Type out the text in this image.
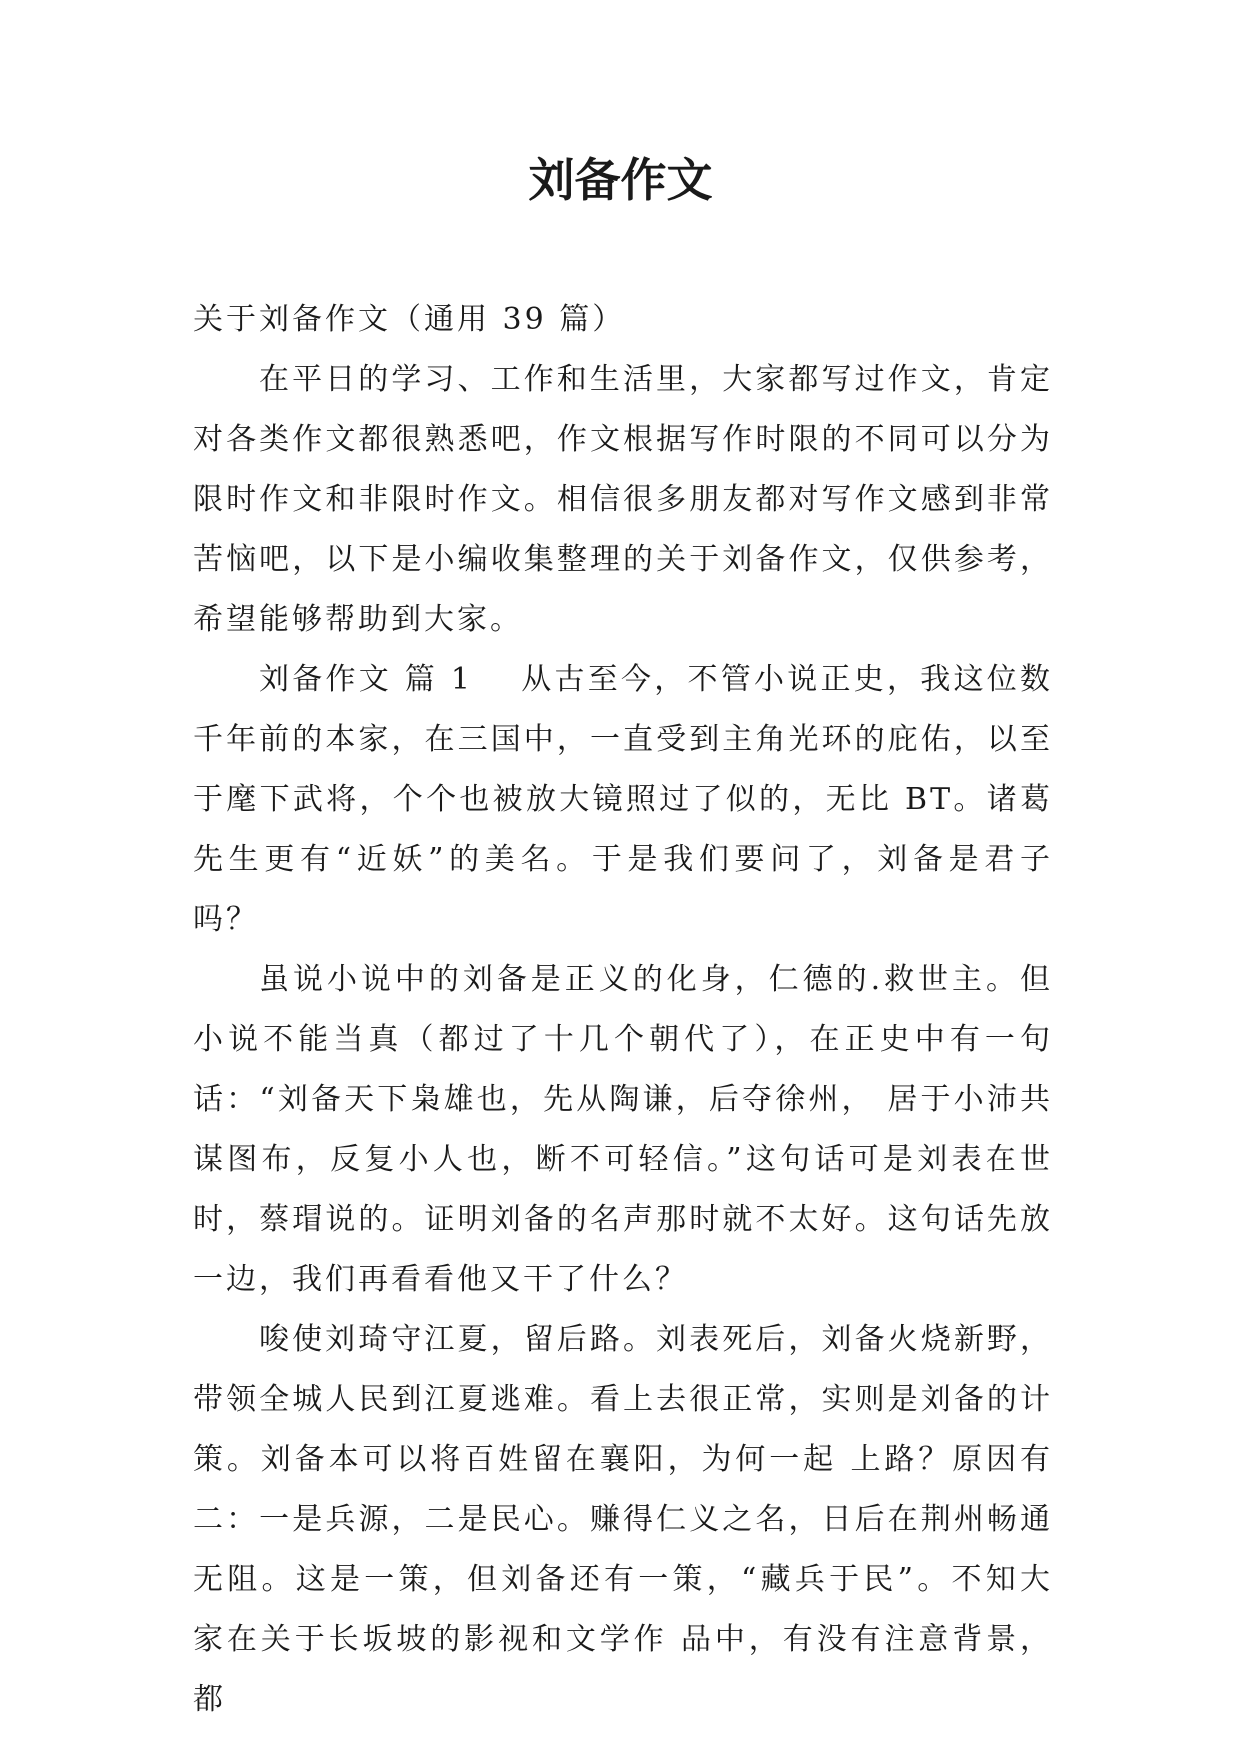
刘备作文

关于刘备作文（通用 39 篇）

在平日的学习、工作和生活里，大家都写过作文，肯定对各类作文都很熟悉吧，作文根据写作时限的不同可以分为限时作文和非限时作文。相信很多朋友都对写作文感到非常苦恼吧，以下是小编收集整理的关于刘备作文，仅供参考，希望能够帮助到大家。

刘备作文 篇 1 从古至今，不管小说正史，我这位数千年前的本家，在三国中，一直受到主角光环的庇佑，以至于麾下武将，个个也被放大镜照过了似的，无比 BT。诸葛先生更有“近妖”的美名。于是我们要问了，刘备是君子吗？

虽说小说中的刘备是正义的化身，仁德的.救世主。但小说不能当真（都过了十几个朝代了），在正史中有一句话：“刘备天下枭雄也，先从陶谦，后夺徐州， 居于小沛共谋图布，反复小人也，断不可轻信。”这句话可是刘表在世时，蔡瑁说的。证明刘备的名声那时就不太好。这句话先放一边，我们再看看他又干了什么？

唆使刘琦守江夏，留后路。刘表死后，刘备火烧新野，带领全城人民到江夏逃难。看上去很正常，实则是刘备的计策。刘备本可以将百姓留在襄阳，为何一起 上路？原因有二：一是兵源，二是民心。赚得仁义之名，日后在荆州畅通无阻。这是一策，但刘备还有一策，“藏兵于民”。不知大家在关于长坂坡的影视和文学作 品中，有没有注意背景，都
